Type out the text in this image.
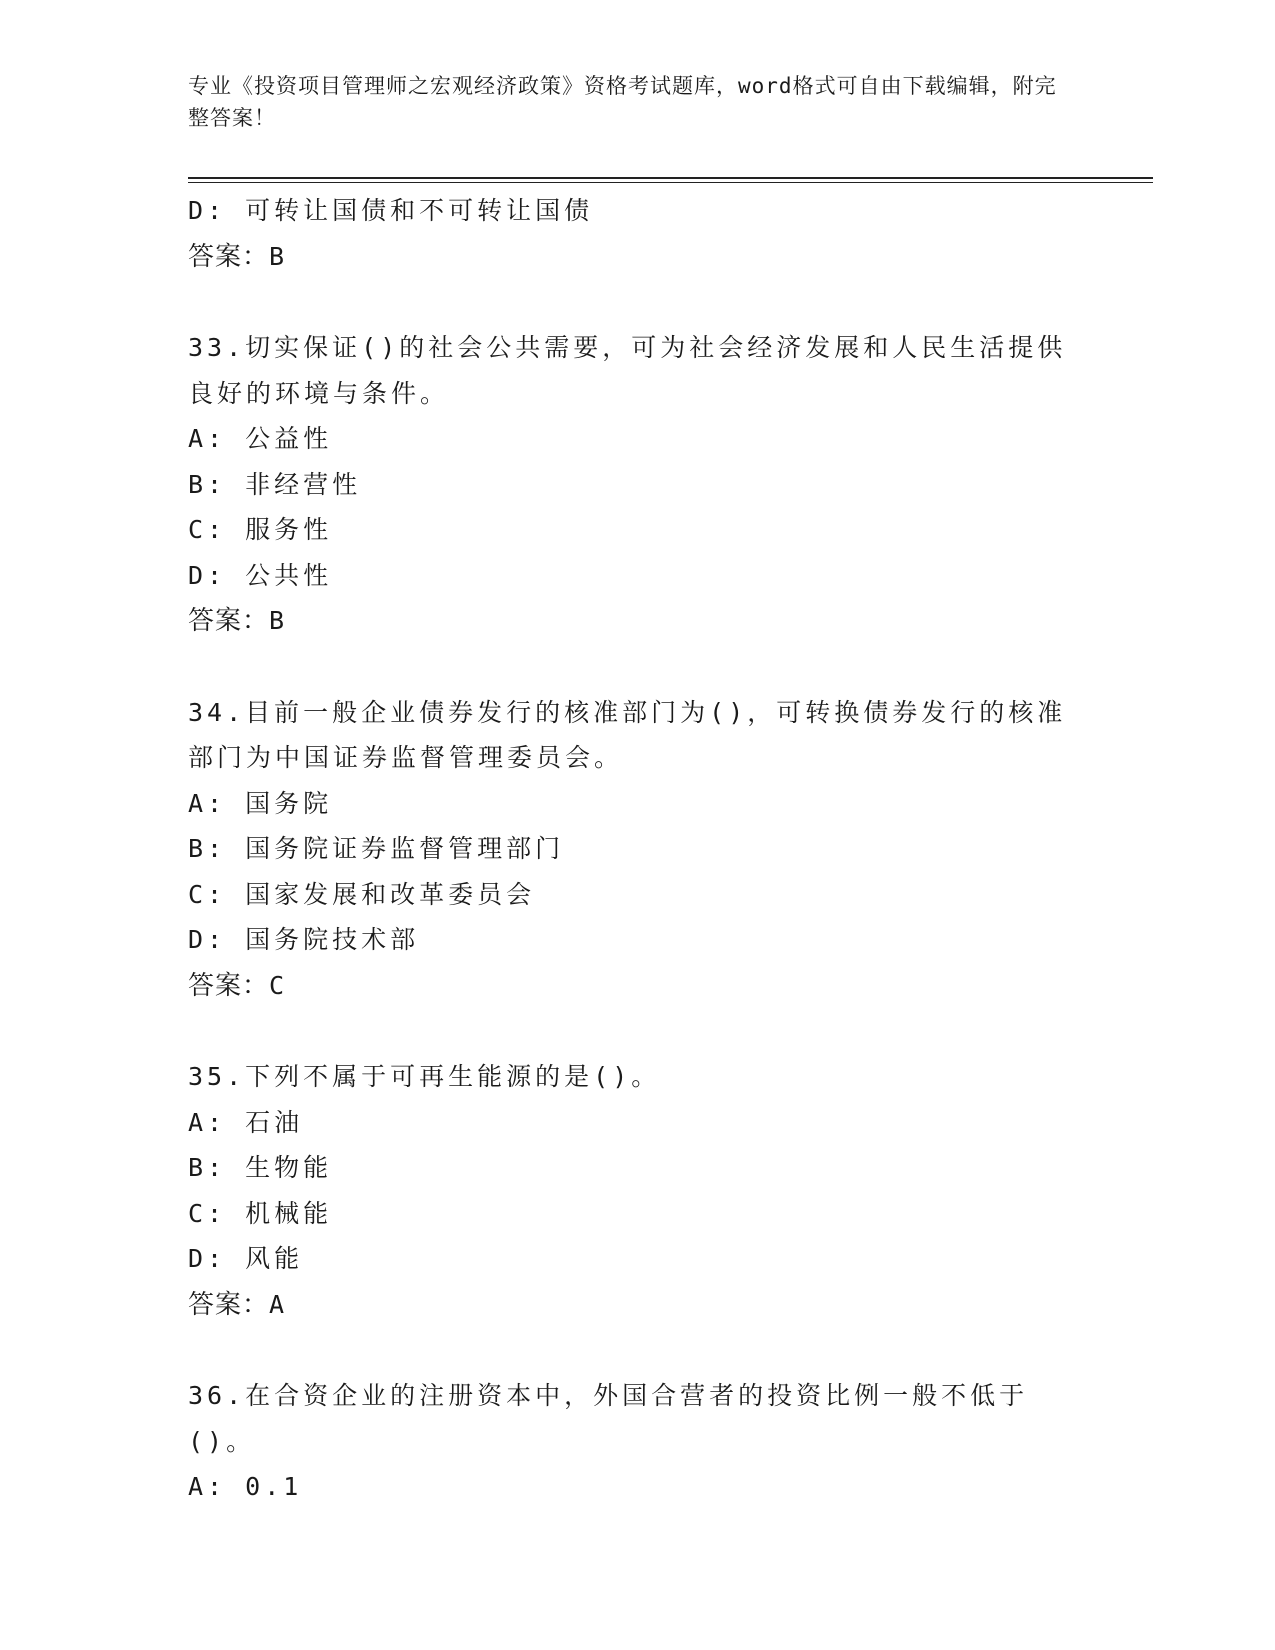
专业《投资项目管理师之宏观经济政策》资格考试题库，word格式可自由下载编辑，附完整答案！
D: 可转让国债和不可转让国债
答案：B
33.切实保证()的社会公共需要，可为社会经济发展和人民生活提供良好的环境与条件。
A: 公益性
B: 非经营性
C: 服务性
D: 公共性
答案：B
34.目前一般企业债券发行的核准部门为()，可转换债券发行的核准部门为中国证券监督管理委员会。
A: 国务院
B: 国务院证券监督管理部门
C: 国家发展和改革委员会
D: 国务院技术部
答案：C
35.下列不属于可再生能源的是()。
A: 石油
B: 生物能
C: 机械能
D: 风能
答案：A
36.在合资企业的注册资本中，外国合营者的投资比例一般不低于()。
A: 0.1
